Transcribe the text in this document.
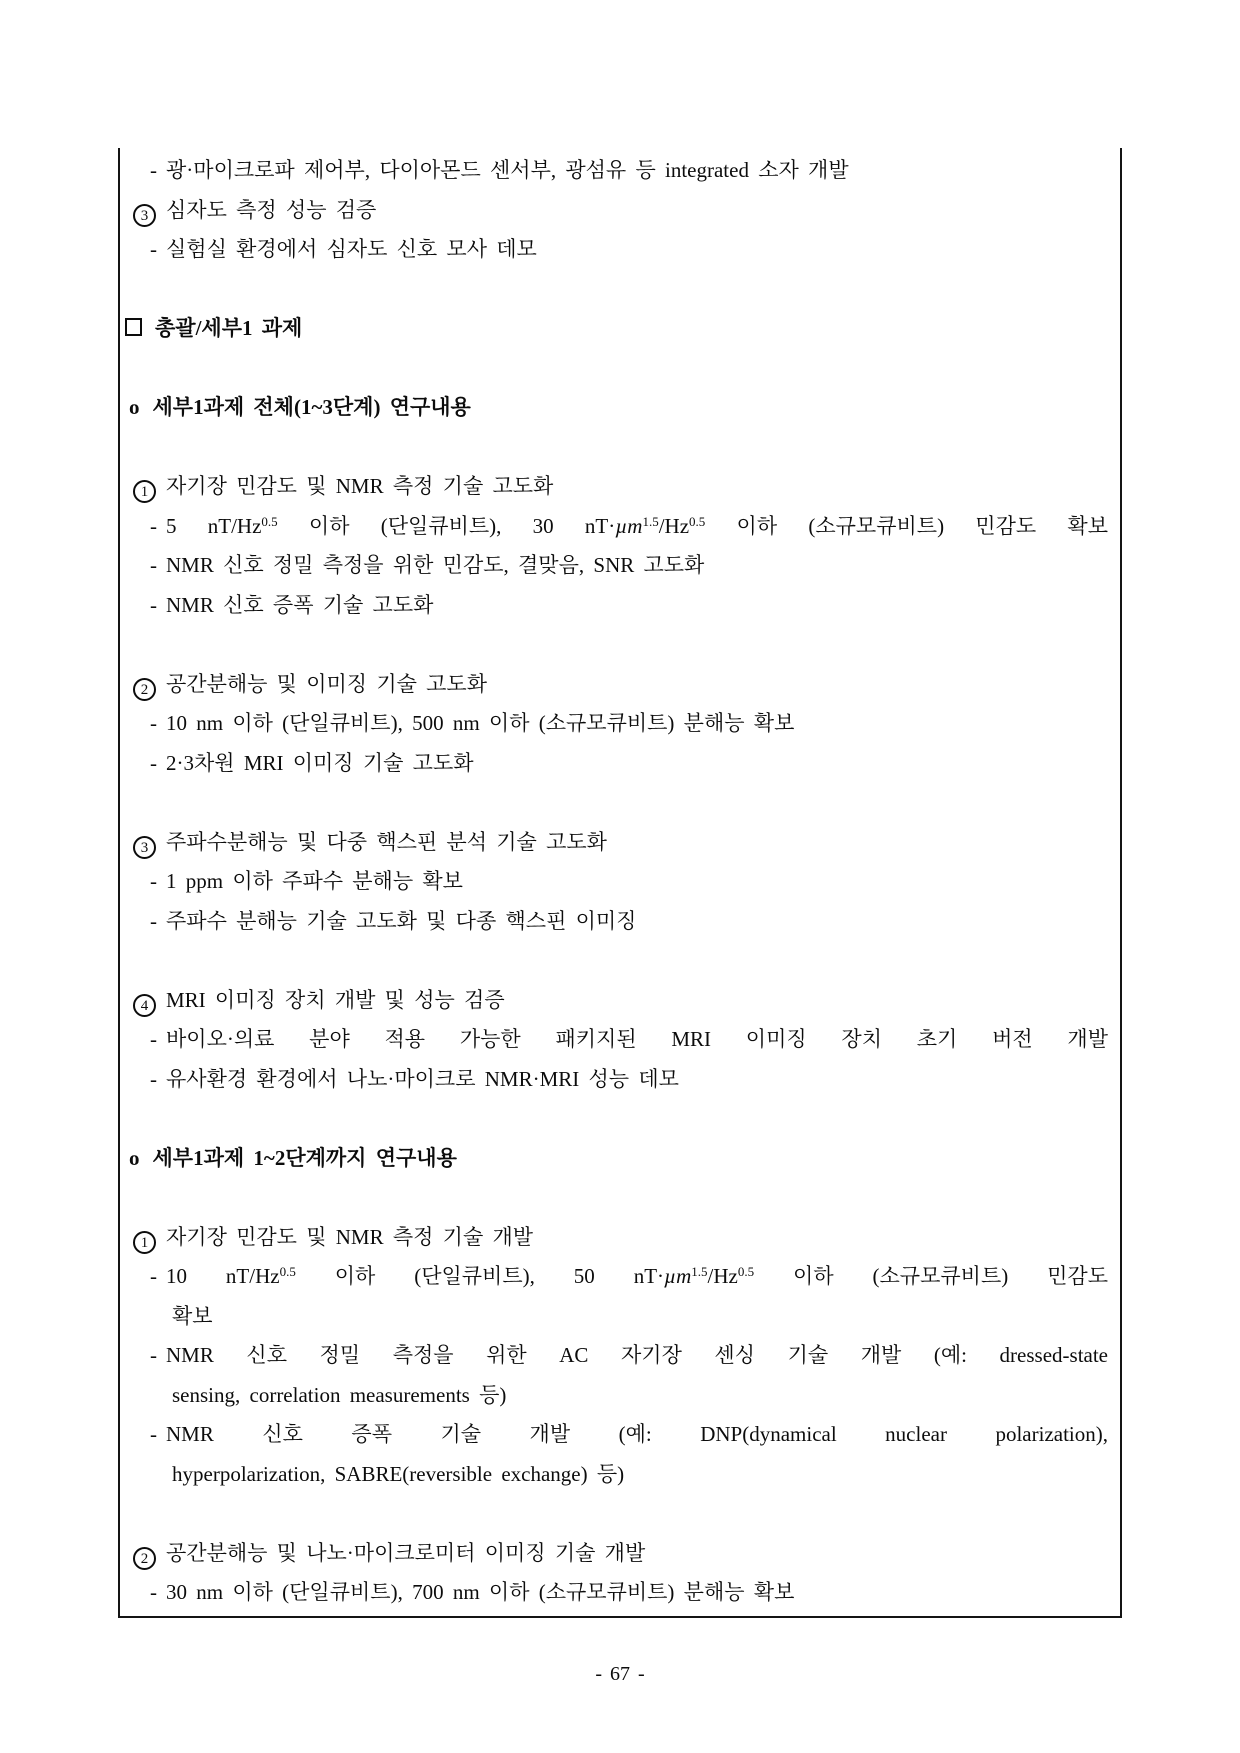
- 광·마이크로파 제어부, 다이아몬드 센서부, 광섬유 등 integrated 소자 개발
3 심자도 측정 성능 검증
- 실험실 환경에서 심자도 신호 모사 데모
총괄/세부1 과제
o 세부1과제 전체(1~3단계) 연구내용
1 자기장 민감도 및 NMR 측정 기술 고도화
- 5 $nT/Hz^{0.5}$ 이하 (단일큐비트), 30 $nT\cdot\mu m^{1.5}/Hz^{0.5}$ 이하 (소규모큐비트) 민감도 확보
- NMR 신호 정밀 측정을 위한 민감도, 결맞음, SNR 고도화
- NMR 신호 증폭 기술 고도화
2 공간분해능 및 이미징 기술 고도화
- 10 nm 이하 (단일큐비트), 500 nm 이하 (소규모큐비트) 분해능 확보
- 2·3차원 MRI 이미징 기술 고도화
3 주파수분해능 및 다중 핵스핀 분석 기술 고도화
- 1 ppm 이하 주파수 분해능 확보
- 주파수 분해능 기술 고도화 및 다종 핵스핀 이미징
4 MRI 이미징 장치 개발 및 성능 검증
- 바이오·의료 분야 적용 가능한 패키지된 MRI 이미징 장치 초기 버전 개발
- 유사환경 환경에서 나노·마이크로 NMR·MRI 성능 데모
o 세부1과제 1~2단계까지 연구내용
1 자기장 민감도 및 NMR 측정 기술 개발
- 10 $nT/Hz^{0.5}$ 이하 (단일큐비트), 50 $nT\cdot\mu m^{1.5}/Hz^{0.5}$ 이하 (소규모큐비트) 민감도
확보
- NMR 신호 정밀 측정을 위한 AC 자기장 센싱 기술 개발 (예: dressed-state
sensing, correlation measurements 등)
- NMR 신호 증폭 기술 개발 (예: DNP(dynamical nuclear polarization),
hyperpolarization, SABRE(reversible exchange) 등)
2 공간분해능 및 나노·마이크로미터 이미징 기술 개발
- 30 nm 이하 (단일큐비트), 700 nm 이하 (소규모큐비트) 분해능 확보
- 67 -
